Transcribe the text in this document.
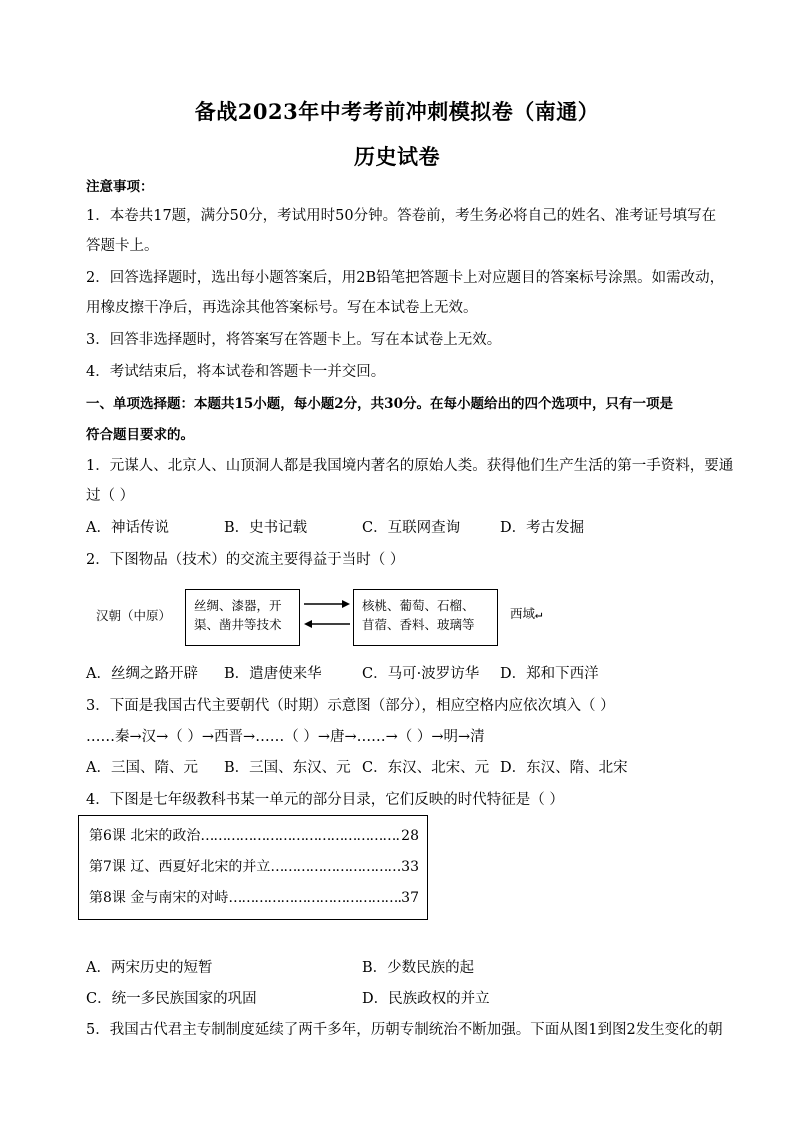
备战2023年中考考前冲刺模拟卷（南通）
历史试卷
注意事项：
1．本卷共17题，满分50分，考试用时50分钟。答卷前，考生务必将自己的姓名、准考证号填写在
答题卡上。
2．回答选择题时，选出每小题答案后，用2B铅笔把答题卡上对应题目的答案标号涂黑。如需改动，
用橡皮擦干净后，再选涂其他答案标号。写在本试卷上无效。
3．回答非选择题时，将答案写在答题卡上。写在本试卷上无效。
4．考试结束后，将本试卷和答题卡一并交回。
一、单项选择题：本题共15小题，每小题2分，共30分。在每小题给出的四个选项中，只有一项是
符合题目要求的。
1．元谋人、北京人、山顶洞人都是我国境内著名的原始人类。获得他们生产生活的第一手资料，要通
过（ ）
A．神话传说	B．史书记载	C．互联网查询	D．考古发掘
2．下图物品（技术）的交流主要得益于当时（ ）
汉朝（中原）
丝绸、漆器，开
渠、凿井等技术
核桃、葡萄、石榴、
苜蓿、香料、玻璃等
西域↵
A．丝绸之路开辟 B．遣唐使来华	C．马可·波罗访华 D．郑和下西洋
3．下面是我国古代主要朝代（时期）示意图（部分），相应空格内应依次填入（ ）
……秦→汉→（ ）→西晋→……（ ）→唐→……→（ ）→明→清
A．三国、隋、元 B．三国、东汉、元 C．东汉、北宋、元 D．东汉、隋、北宋
4．下图是七年级教科书某一单元的部分目录，它们反映的时代特征是（ ）
第6课 北宋的政治 ……………………………………………………………………………	28
第7课 辽、西夏好北宋的并立 ……………………………………………………………………………	33
第8课 金与南宋的对峙 ……………………………………………………………………………	37
A．两宋历史的短暂	B．少数民族的起
C．统一多民族国家的巩固	D．民族政权的并立
5．我国古代君主专制制度延续了两千多年，历朝专制统治不断加强。下面从图1到图2发生变化的朝
